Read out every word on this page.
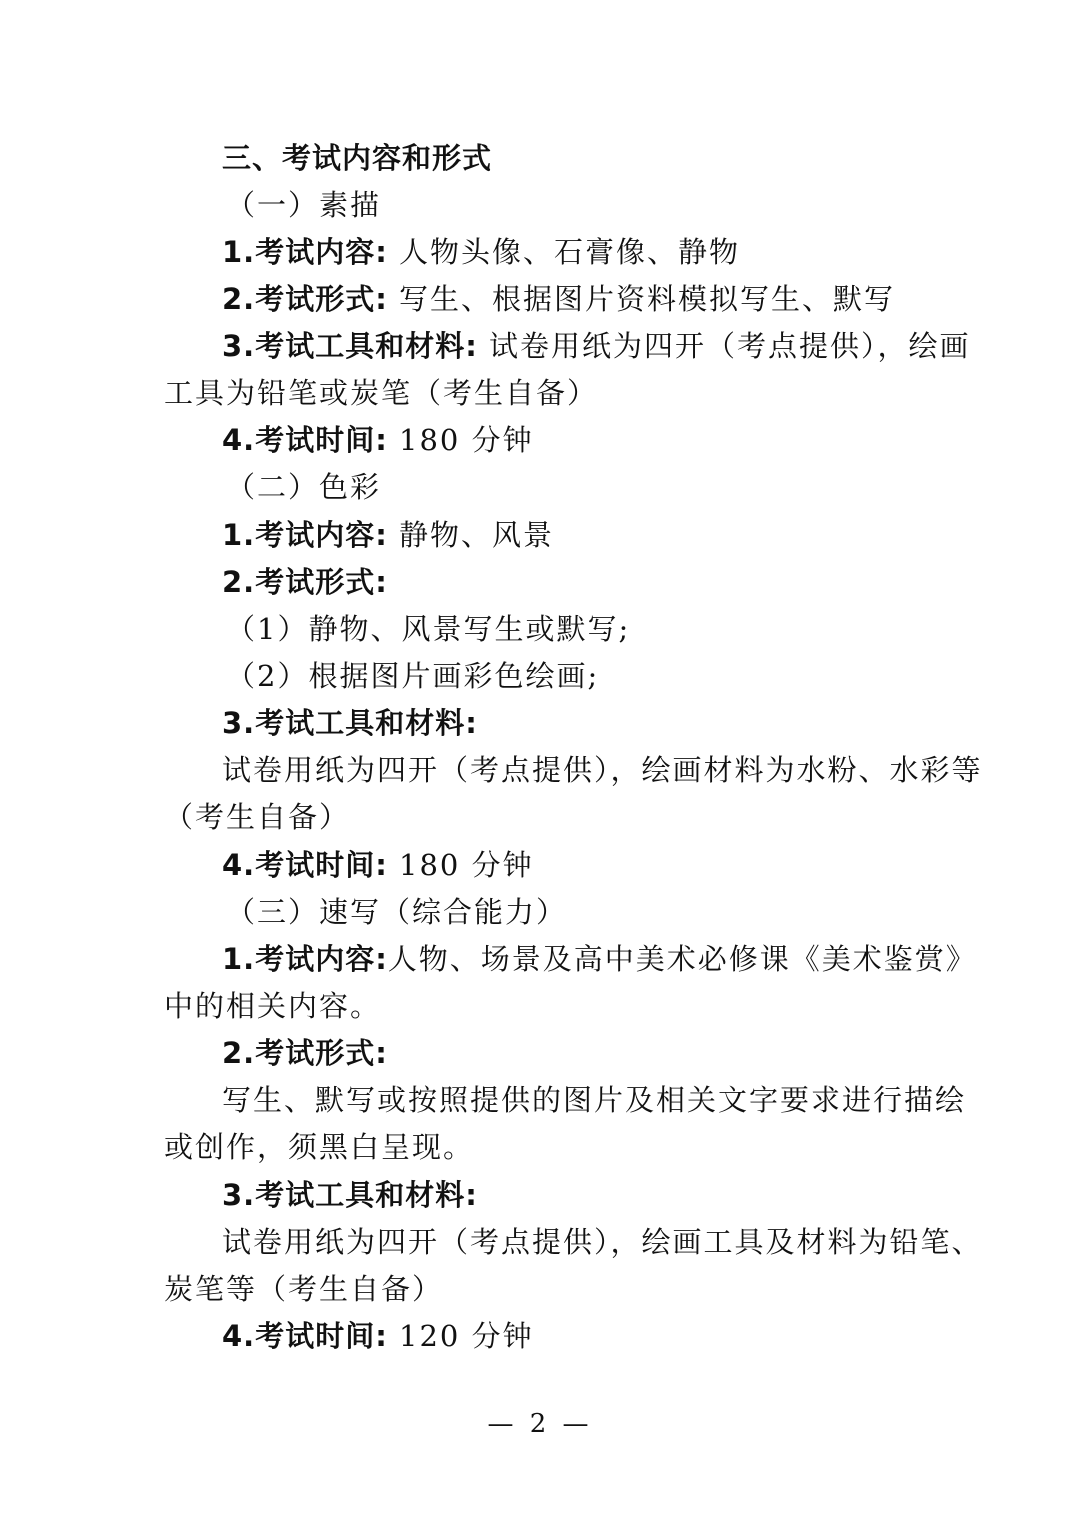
三、考试内容和形式
（一）素描
1.考试内容: 人物头像、石膏像、静物
2.考试形式: 写生、根据图片资料模拟写生、默写
3.考试工具和材料: 试卷用纸为四开（考点提供），绘画
工具为铅笔或炭笔（考生自备）
4.考试时间: 180 分钟
（二）色彩
1.考试内容: 静物、风景
2.考试形式:
（1）静物、风景写生或默写;
（2）根据图片画彩色绘画;
3.考试工具和材料:
试卷用纸为四开（考点提供），绘画材料为水粉、水彩等
（考生自备）
4.考试时间: 180 分钟
（三）速写（综合能力）
1.考试内容:人物、场景及高中美术必修课《美术鉴赏》
中的相关内容。
2.考试形式:
写生、默写或按照提供的图片及相关文字要求进行描绘
或创作，须黑白呈现。
3.考试工具和材料:
试卷用纸为四开（考点提供），绘画工具及材料为铅笔、
炭笔等（考生自备）
4.考试时间: 120 分钟
— 2 —
